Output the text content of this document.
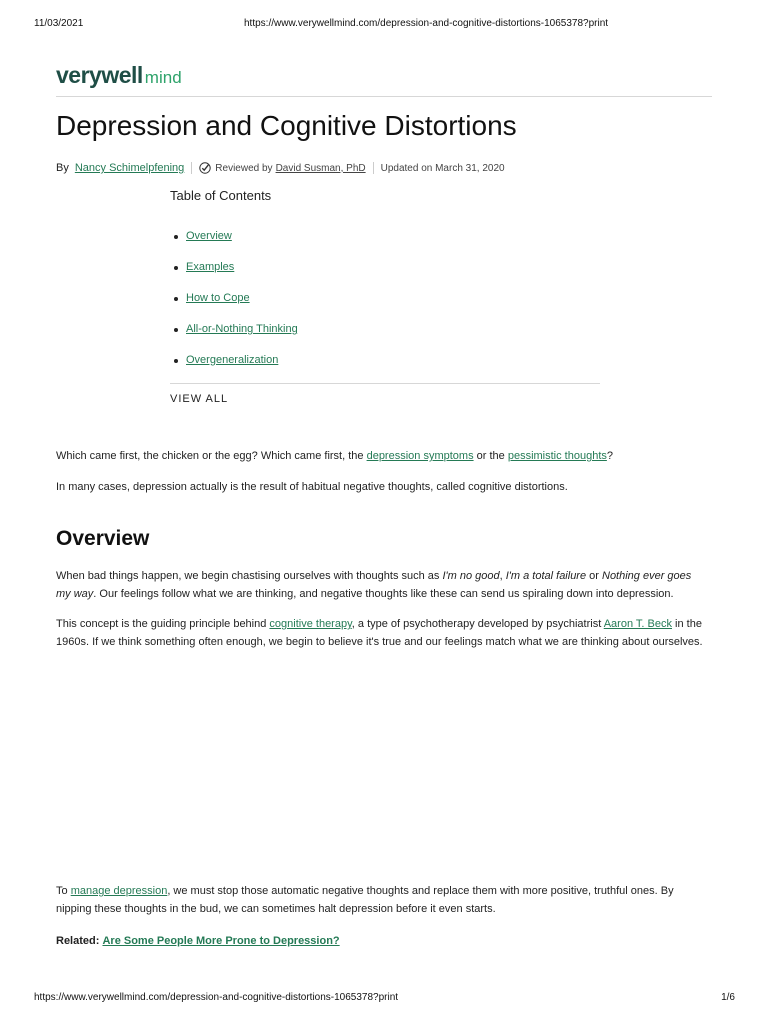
11/03/2021	https://www.verywellmind.com/depression-and-cognitive-distortions-1065378?print
verywell mind
Depression and Cognitive Distortions
By Nancy Schimelpfening	Reviewed by David Susman, PhD Updated on March 31, 2020
Table of Contents
Overview
Examples
How to Cope
All-or-Nothing Thinking
Overgeneralization
VIEW ALL

Which came first, the chicken or the egg? Which came first, the depression symptoms or the pessimistic thoughts?

In many cases, depression actually is the result of habitual negative thoughts, called cognitive distortions.

Overview

When bad things happen, we begin chastising ourselves with thoughts such as I'm no good, I'm a total failure or Nothing ever goes my way. Our feelings follow what we are thinking, and negative thoughts like these can send us spiraling down into depression.

This concept is the guiding principle behind cognitive therapy, a type of psychotherapy developed by psychiatrist Aaron T. Beck in the 1960s. If we think something often enough, we begin to believe it's true and our feelings match what we are thinking about ourselves.

To manage depression, we must stop those automatic negative thoughts and replace them with more positive, truthful ones. By nipping these thoughts in the bud, we can sometimes halt depression before it even starts.

Related: Are Some People More Prone to Depression?

https://www.verywellmind.com/depression-and-cognitive-distortions-1065378?print	1/6
